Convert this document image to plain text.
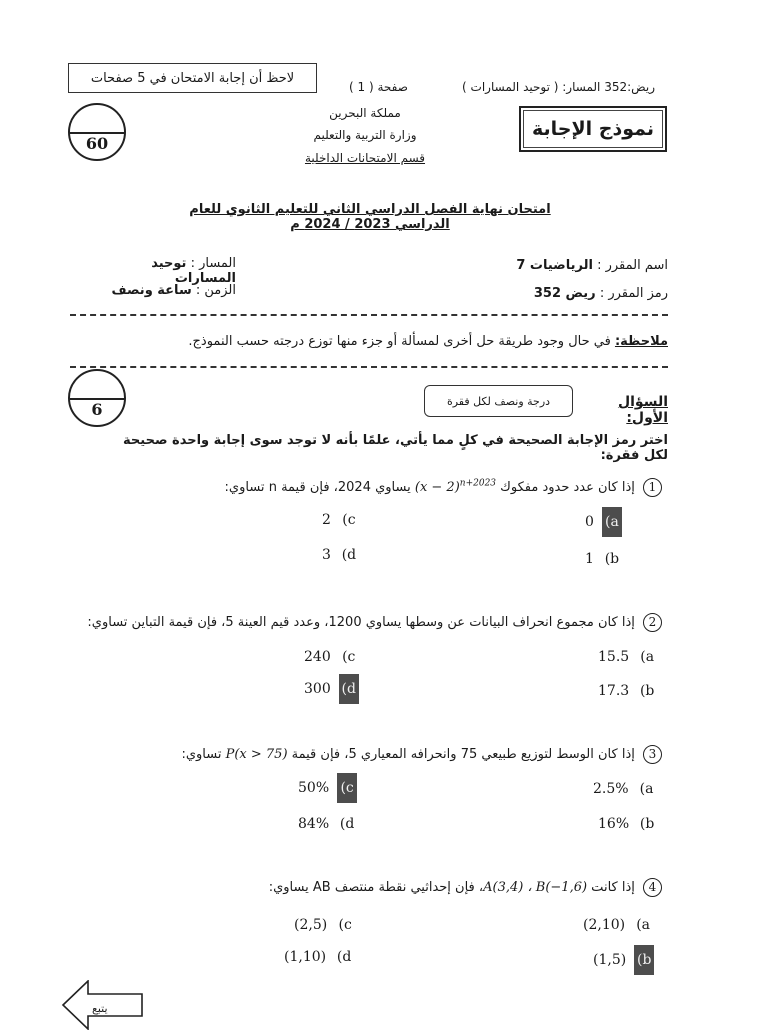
لاحظ أن إجابة الامتحان في 5 صفحات
صفحة ( 1 )	ريض:352 المسار: ( توحيد المسارات )
مملكة البحرين
وزارة التربية والتعليم
قسم الامتحانات الداخلية
نموذج الإجابة
60
امتحان نهاية الفصل الدراسي الثاني للتعليم الثانوي للعام الدراسي 2023 / 2024 م
اسم المقرر : الرياضيات 7
رمز المقرر : ريض 352
المسار : توحيد المسارات
الزمن : ساعة ونصف
ملاحظة: في حال وجود طريقة حل أخرى لمسألة أو جزء منها توزع درجته حسب النموذج.
6	درجة ونصف لكل فقرة	السؤال الأول:
اختر رمز الإجابة الصحيحة في كلٍ مما يأتي، علمًا بأنه لا توجد سوى إجابة واحدة صحيحة لكل فقرة:
1 إذا كان عدد حدود مفكوك $(x - 2)^{n+2023}$ يساوي 2024، فإن قيمة n تساوي:
0 (a
1 (b
2 (c
3 (d
2 إذا كان مجموع انحراف البيانات عن وسطها يساوي 1200، وعدد قيم العينة 5، فإن قيمة التباين تساوي:
15.5 (a
17.3 (b
240 (c
300 (d
3 إذا كان الوسط لتوزيع طبيعي 75 وانحرافه المعياري 5، فإن قيمة P(x > 75) تساوي:
2.5% (a
16% (b
50% (c
84% (d
4 إذا كانت A(3,4) ، B(−1,6)، فإن إحداثيي نقطة منتصف AB يساوي:
(2,10) (a
(1,5) (b
(2,5) (c
(1,10) (d
يتبع
